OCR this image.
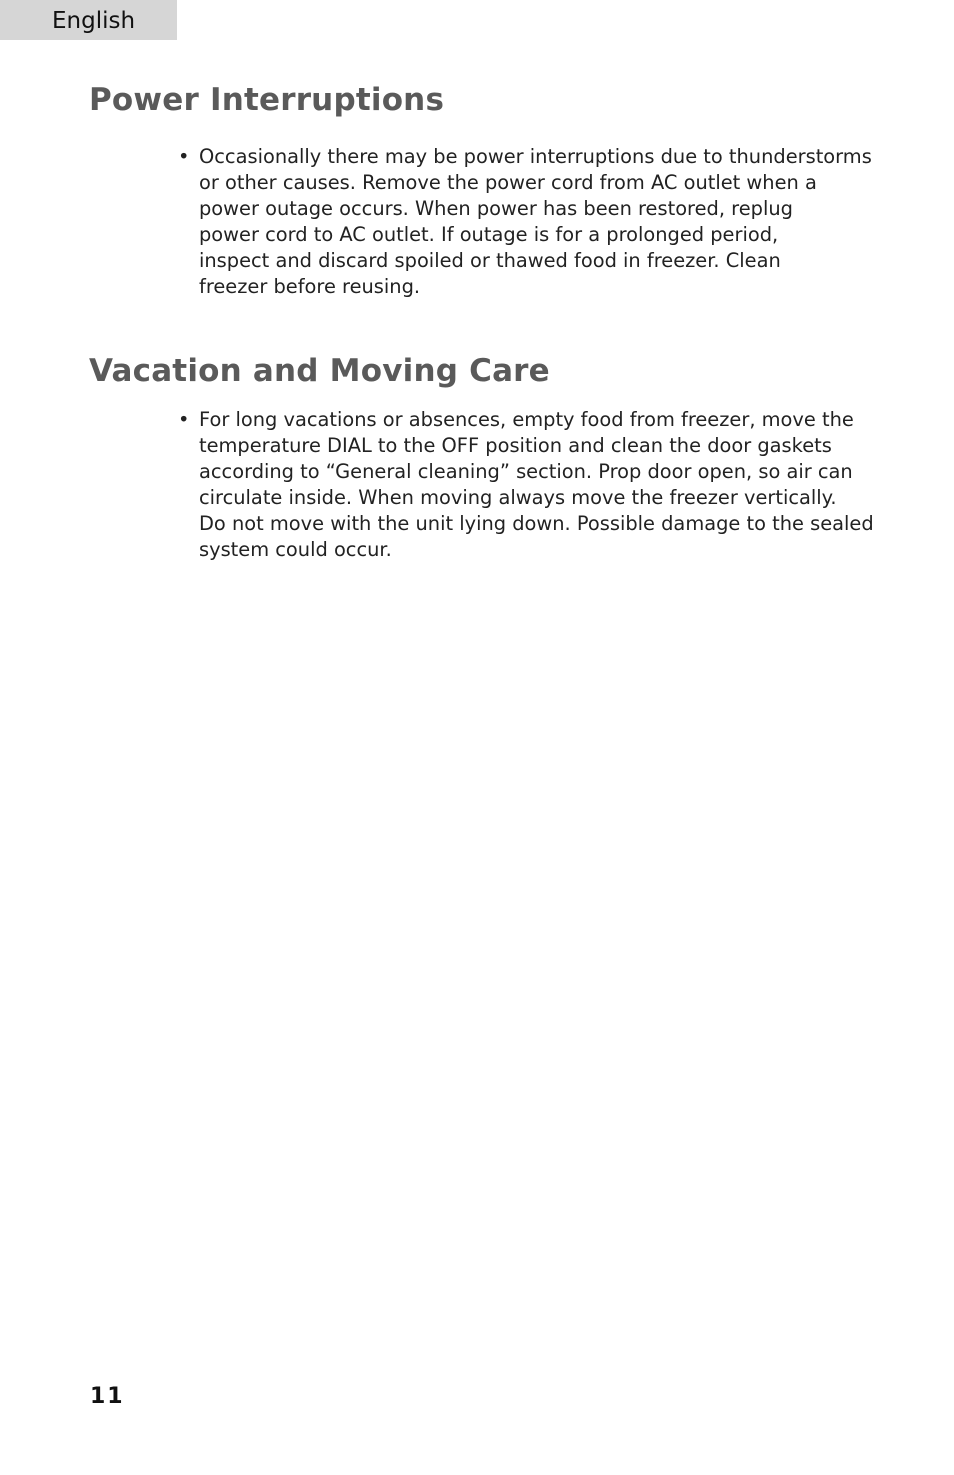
English
Power Interruptions
• Occasionally there may be power interruptions due to thunderstorms
or other causes. Remove the power cord from AC outlet when a
power outage occurs. When power has been restored, replug
power cord to AC outlet. If outage is for a prolonged period,
inspect and discard spoiled or thawed food in freezer. Clean
freezer before reusing.
Vacation and Moving Care
• For long vacations or absences, empty food from freezer, move the
temperature DIAL to the OFF position and clean the door gaskets
according to “General cleaning” section. Prop door open, so air can
circulate inside. When moving always move the freezer vertically.
Do not move with the unit lying down. Possible damage to the sealed
system could occur.
11
